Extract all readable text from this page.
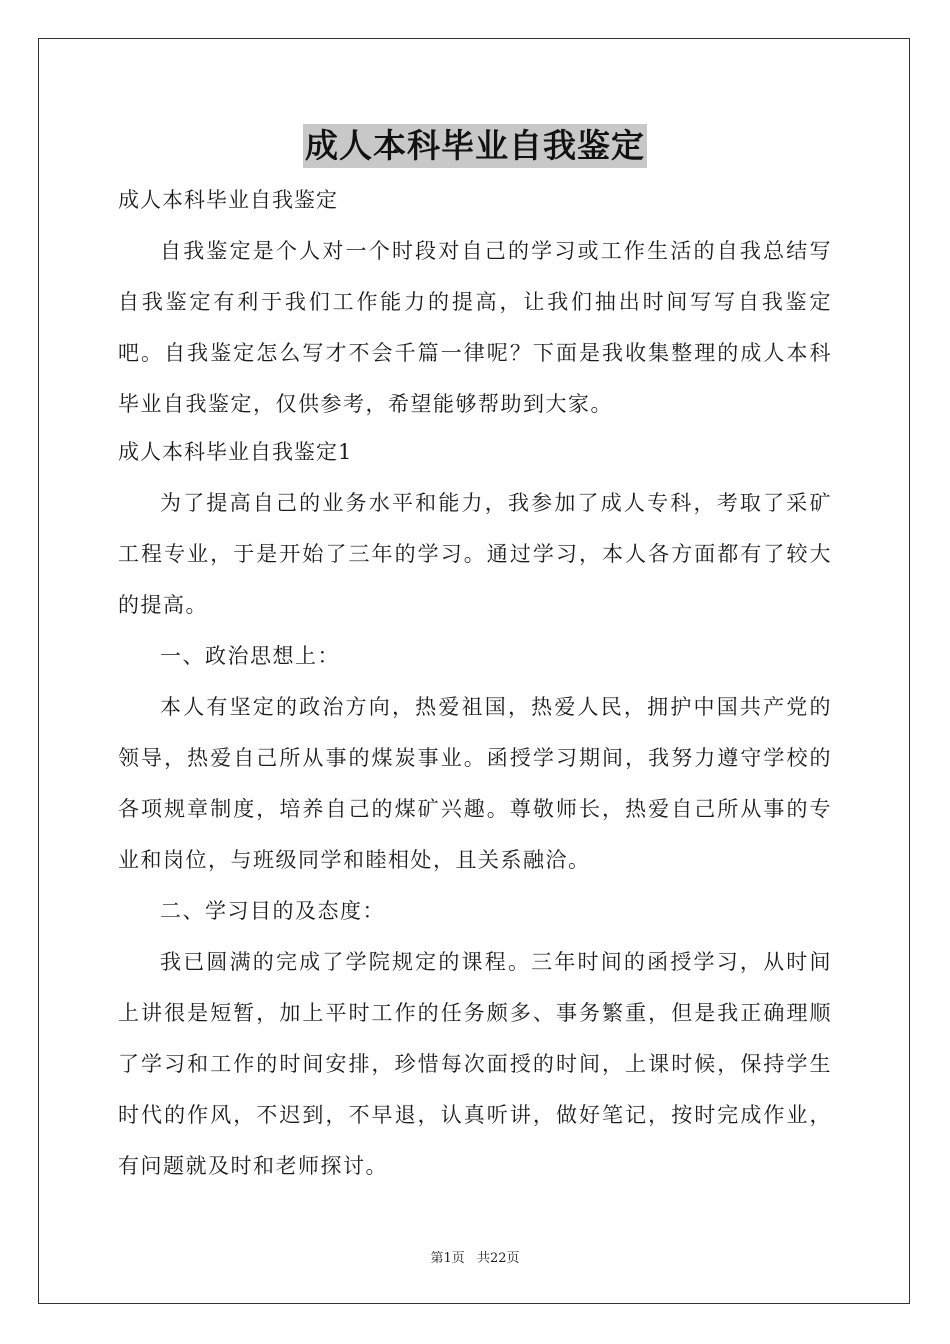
成人本科毕业自我鉴定
成人本科毕业自我鉴定

自我鉴定是个人对一个时段对自己的学习或工作生活的自我总结写自我鉴定有利于我们工作能力的提高，让我们抽出时间写写自我鉴定吧。自我鉴定怎么写才不会千篇一律呢？下面是我收集整理的成人本科毕业自我鉴定，仅供参考，希望能够帮助到大家。

成人本科毕业自我鉴定1

为了提高自己的业务水平和能力，我参加了成人专科，考取了采矿工程专业，于是开始了三年的学习。通过学习，本人各方面都有了较大的提高。

一、政治思想上：

本人有坚定的政治方向，热爱祖国，热爱人民，拥护中国共产党的领导，热爱自己所从事的煤炭事业。函授学习期间，我努力遵守学校的各项规章制度，培养自己的煤矿兴趣。尊敬师长，热爱自己所从事的专业和岗位，与班级同学和睦相处，且关系融洽。

二、学习目的及态度：

我已圆满的完成了学院规定的课程。三年时间的函授学习，从时间上讲很是短暂，加上平时工作的任务颇多、事务繁重，但是我正确理顺了学习和工作的时间安排，珍惜每次面授的时间，上课时候，保持学生时代的作风，不迟到，不早退，认真听讲，做好笔记，按时完成作业，有问题就及时和老师探讨。

第1页 共22页
